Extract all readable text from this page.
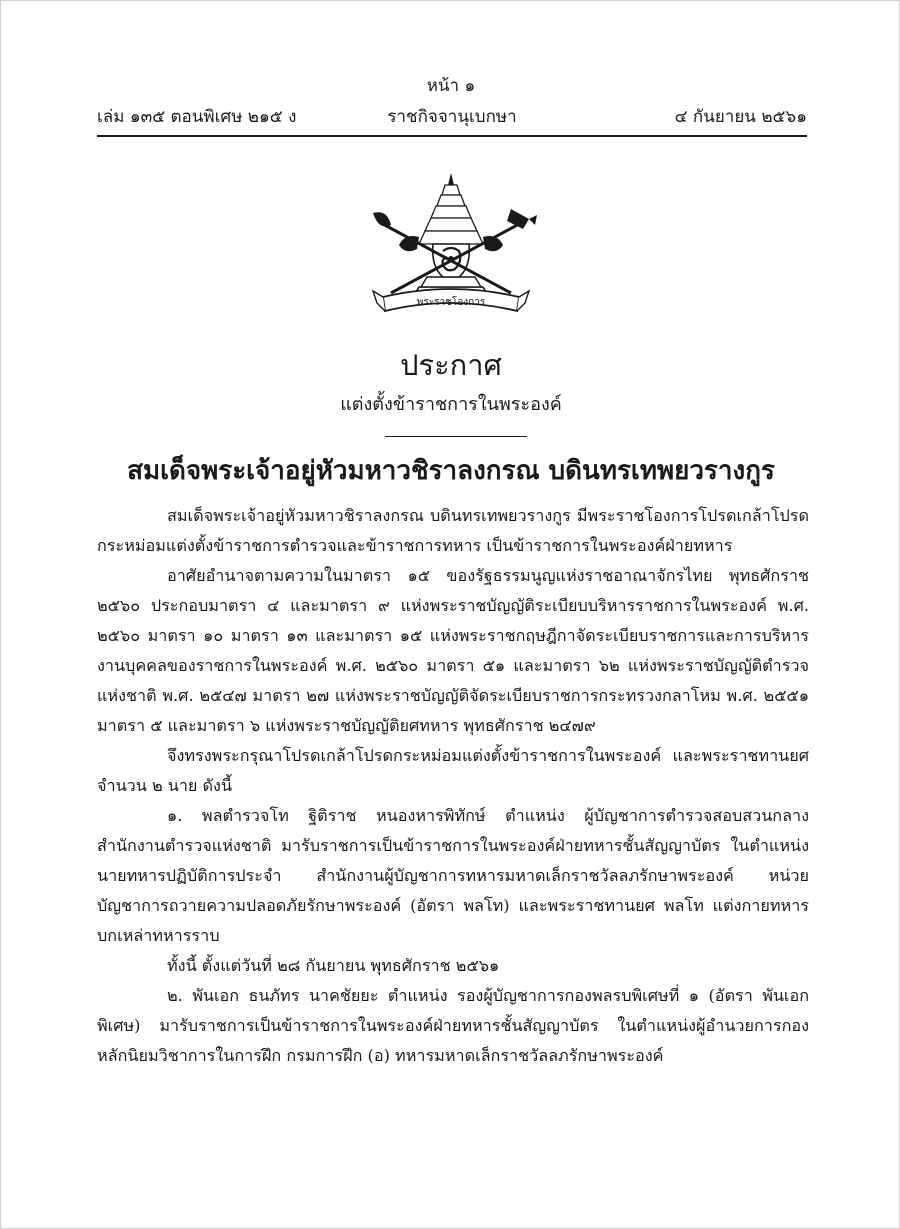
หน้า ๑
เล่ม ๑๓๕ ตอนพิเศษ ๒๑๕ ง	ราชกิจจานุเบกษา	๔ กันยายน ๒๕๖๑
พระราชโองการ
ประกาศ
แต่งตั้งข้าราชการในพระองค์
สมเด็จพระเจ้าอยู่หัวมหาวชิราลงกรณ บดินทรเทพยวรางกูร

สมเด็จพระเจ้าอยู่หัวมหาวชิราลงกรณ บดินทรเทพยวรางกูร มีพระราชโองการโปรดเกล้าโปรดกระหม่อมแต่งตั้งข้าราชการตำรวจและข้าราชการทหาร เป็นข้าราชการในพระองค์ฝ่ายทหาร

อาศัยอำนาจตามความในมาตรา ๑๕ ของรัฐธรรมนูญแห่งราชอาณาจักรไทย พุทธศักราช ๒๕๖๐ ประกอบมาตรา ๔ และมาตรา ๙ แห่งพระราชบัญญัติระเบียบบริหารราชการในพระองค์ พ.ศ. ๒๕๖๐ มาตรา ๑๐ มาตรา ๑๓ และมาตรา ๑๕ แห่งพระราชกฤษฎีกาจัดระเบียบราชการและการบริหารงานบุคคลของราชการในพระองค์ พ.ศ. ๒๕๖๐ มาตรา ๕๑ และมาตรา ๖๒ แห่งพระราชบัญญัติตำรวจแห่งชาติ พ.ศ. ๒๕๔๗ มาตรา ๒๗ แห่งพระราชบัญญัติจัดระเบียบราชการกระทรวงกลาโหม พ.ศ. ๒๕๕๑ มาตรา ๕ และมาตรา ๖ แห่งพระราชบัญญัติยศทหาร พุทธศักราช ๒๔๗๙

จึงทรงพระกรุณาโปรดเกล้าโปรดกระหม่อมแต่งตั้งข้าราชการในพระองค์ และพระราชทานยศจำนวน ๒ นาย ดังนี้

๑. พลตำรวจโท ฐิติราช หนองหารพิทักษ์ ตำแหน่ง ผู้บัญชาการตำรวจสอบสวนกลาง สำนักงานตำรวจแห่งชาติ มารับราชการเป็นข้าราชการในพระองค์ฝ่ายทหารชั้นสัญญาบัตร ในตำแหน่งนายทหารปฏิบัติการประจำ สำนักงานผู้บัญชาการทหารมหาดเล็กราชวัลลภรักษาพระองค์ หน่วยบัญชาการถวายความปลอดภัยรักษาพระองค์ (อัตรา พลโท) และพระราชทานยศ พลโท แต่งกายทหารบกเหล่าทหารราบ

ทั้งนี้ ตั้งแต่วันที่ ๒๘ กันยายน พุทธศักราช ๒๕๖๑

๒. พันเอก ธนภัทร นาคชัยยะ ตำแหน่ง รองผู้บัญชาการกองพลรบพิเศษที่ ๑ (อัตรา พันเอกพิเศษ) มารับราชการเป็นข้าราชการในพระองค์ฝ่ายทหารชั้นสัญญาบัตร ในตำแหน่งผู้อำนวยการกองหลักนิยมวิชาการในการฝึก กรมการฝึก (อ) ทหารมหาดเล็กราชวัลลภรักษาพระองค์
